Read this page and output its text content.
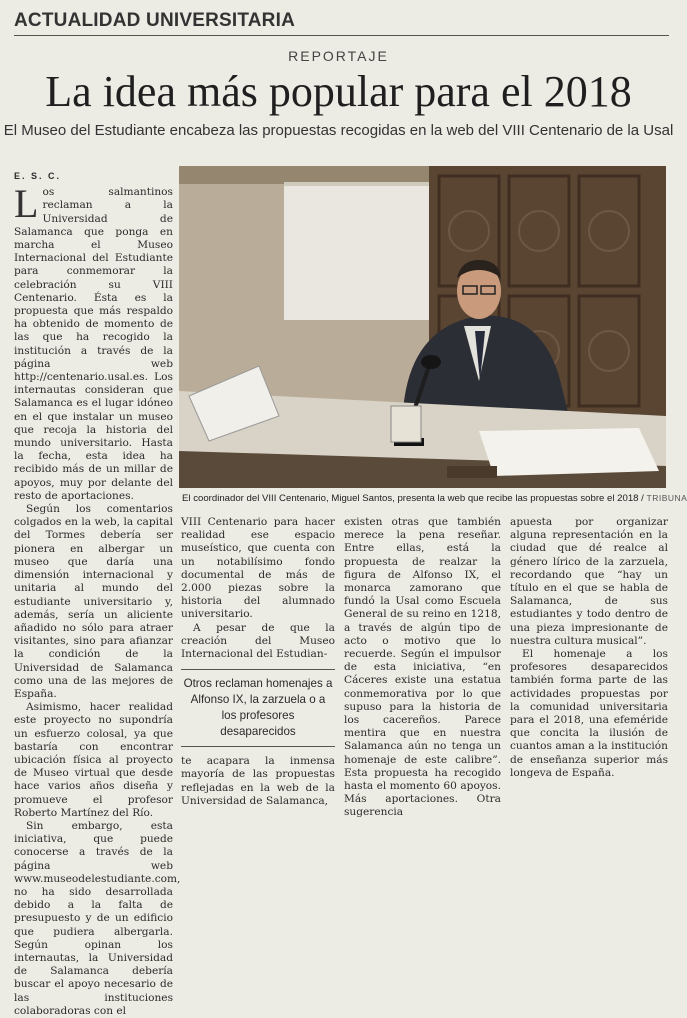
ACTUALIDAD UNIVERSITARIA
REPORTAJE
La idea más popular para el 2018
El Museo del Estudiante encabeza las propuestas recogidas en la web del VIII Centenario de la Usal
E. S. C.

Los salmantinos reclaman a la Universidad de Salamanca que ponga en marcha el Museo Internacional del Estudiante para conmemorar la celebración su VIII Centenario. Ésta es la propuesta que más respaldo ha obtenido de momento de las que ha recogido la institución a través de la página web http://centenario.usal.es. Los internautas consideran que Salamanca es el lugar idóneo en el que instalar un museo que recoja la historia del mundo universitario. Hasta la fecha, esta idea ha recibido más de un millar de apoyos, muy por delante del resto de aportaciones.

Según los comentarios colgados en la web, la capital del Tormes debería ser pionera en albergar un museo que daría una dimensión internacional y unitaria al mundo del estudiante universitario y, además, sería un aliciente añadido no sólo para atraer visitantes, sino para afianzar la condición de la Universidad de Salamanca como una de las mejores de España.

Asimismo, hacer realidad este proyecto no supondría un esfuerzo colosal, ya que bastaría con encontrar ubicación física al proyecto de Museo virtual que desde hace varios años diseña y promueve el profesor Roberto Martínez del Río.

Sin embargo, esta iniciativa, que puede conocerse a través de la página web www.museodelestudiante.com, no ha sido desarrollada debido a la falta de presupuesto y de un edificio que pudiera albergarla. Según opinan los internautas, la Universidad de Salamanca debería buscar el apoyo necesario de las instituciones colaboradoras con el

El coordinador del VIII Centenario, Miguel Santos, presenta la web que recibe las propuestas sobre el 2018 / TRIBUNA

VIII Centenario para hacer realidad ese espacio museístico, que cuenta con un notabilísimo fondo documental de más de 2.000 piezas sobre la historia del alumnado universitario.

A pesar de que la creación del Museo Internacional del Estudian-

Otros reclaman homenajes a Alfonso IX, la zarzuela o a los profesores desaparecidos

te acapara la inmensa mayoría de las propuestas reflejadas en la web de la Universidad de Salamanca,

existen otras que también merece la pena reseñar. Entre ellas, está la propuesta de realzar la figura de Alfonso IX, el monarca zamorano que fundó la Usal como Escuela General de su reino en 1218, a través de algún tipo de acto o motivo que lo recuerde. Según el impulsor de esta iniciativa, “en Cáceres existe una estatua conmemorativa por lo que supuso para la historia de los cacereños. Parece mentira que en nuestra Salamanca aún no tenga un homenaje de este calibre”. Esta propuesta ha recogido hasta el momento 60 apoyos. Más aportaciones. Otra sugerencia

apuesta por organizar alguna representación en la ciudad que dé realce al género lírico de la zarzuela, recordando que “hay un título en el que se habla de Salamanca, de sus estudiantes y todo dentro de una pieza impresionante de nuestra cultura musical”.

El homenaje a los profesores desaparecidos también forma parte de las actividades propuestas por la comunidad universitaria para el 2018, una efeméride que concita la ilusión de cuantos aman a la institución de enseñanza superior más longeva de España.
